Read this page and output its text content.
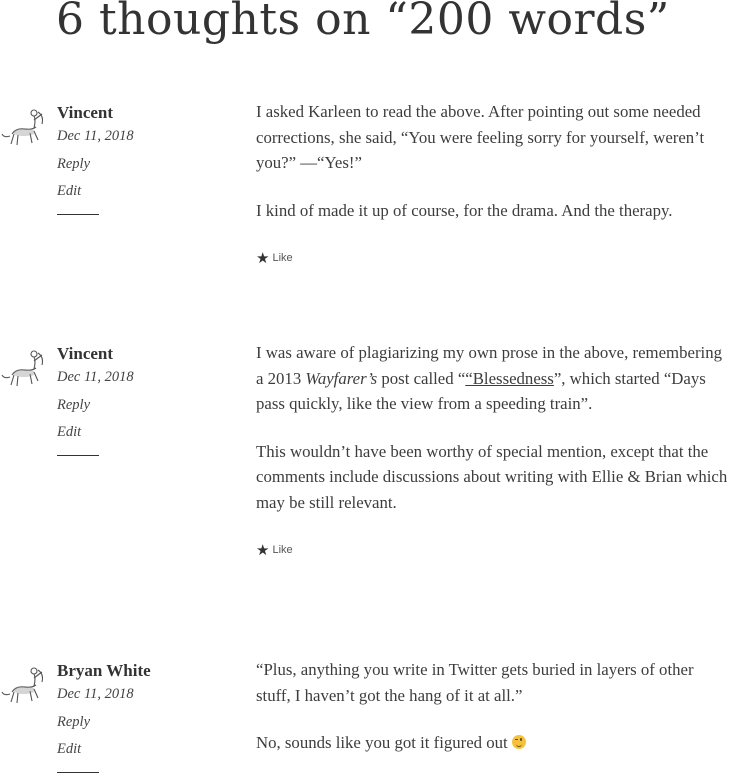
6 thoughts on “200 words”
Vincent
Dec 11, 2018
Reply
Edit

I asked Karleen to read the above. After pointing out some needed corrections, she said, “You were feeling sorry for yourself, weren’t you?” —“Yes!”

I kind of made it up of course, for the drama. And the therapy.

★ Like
Vincent
Dec 11, 2018
Reply
Edit

I was aware of plagiarizing my own prose in the above, remembering a 2013 Wayfarer’s post called ““Blessedness”, which started “Days pass quickly, like the view from a speeding train”.

This wouldn’t have been worthy of special mention, except that the comments include discussions about writing with Ellie & Brian which may be still relevant.

★ Like
Bryan White
Dec 11, 2018
Reply
Edit

“Plus, anything you write in Twitter gets buried in layers of other stuff, I haven’t got the hang of it at all.”

No, sounds like you got it figured out
